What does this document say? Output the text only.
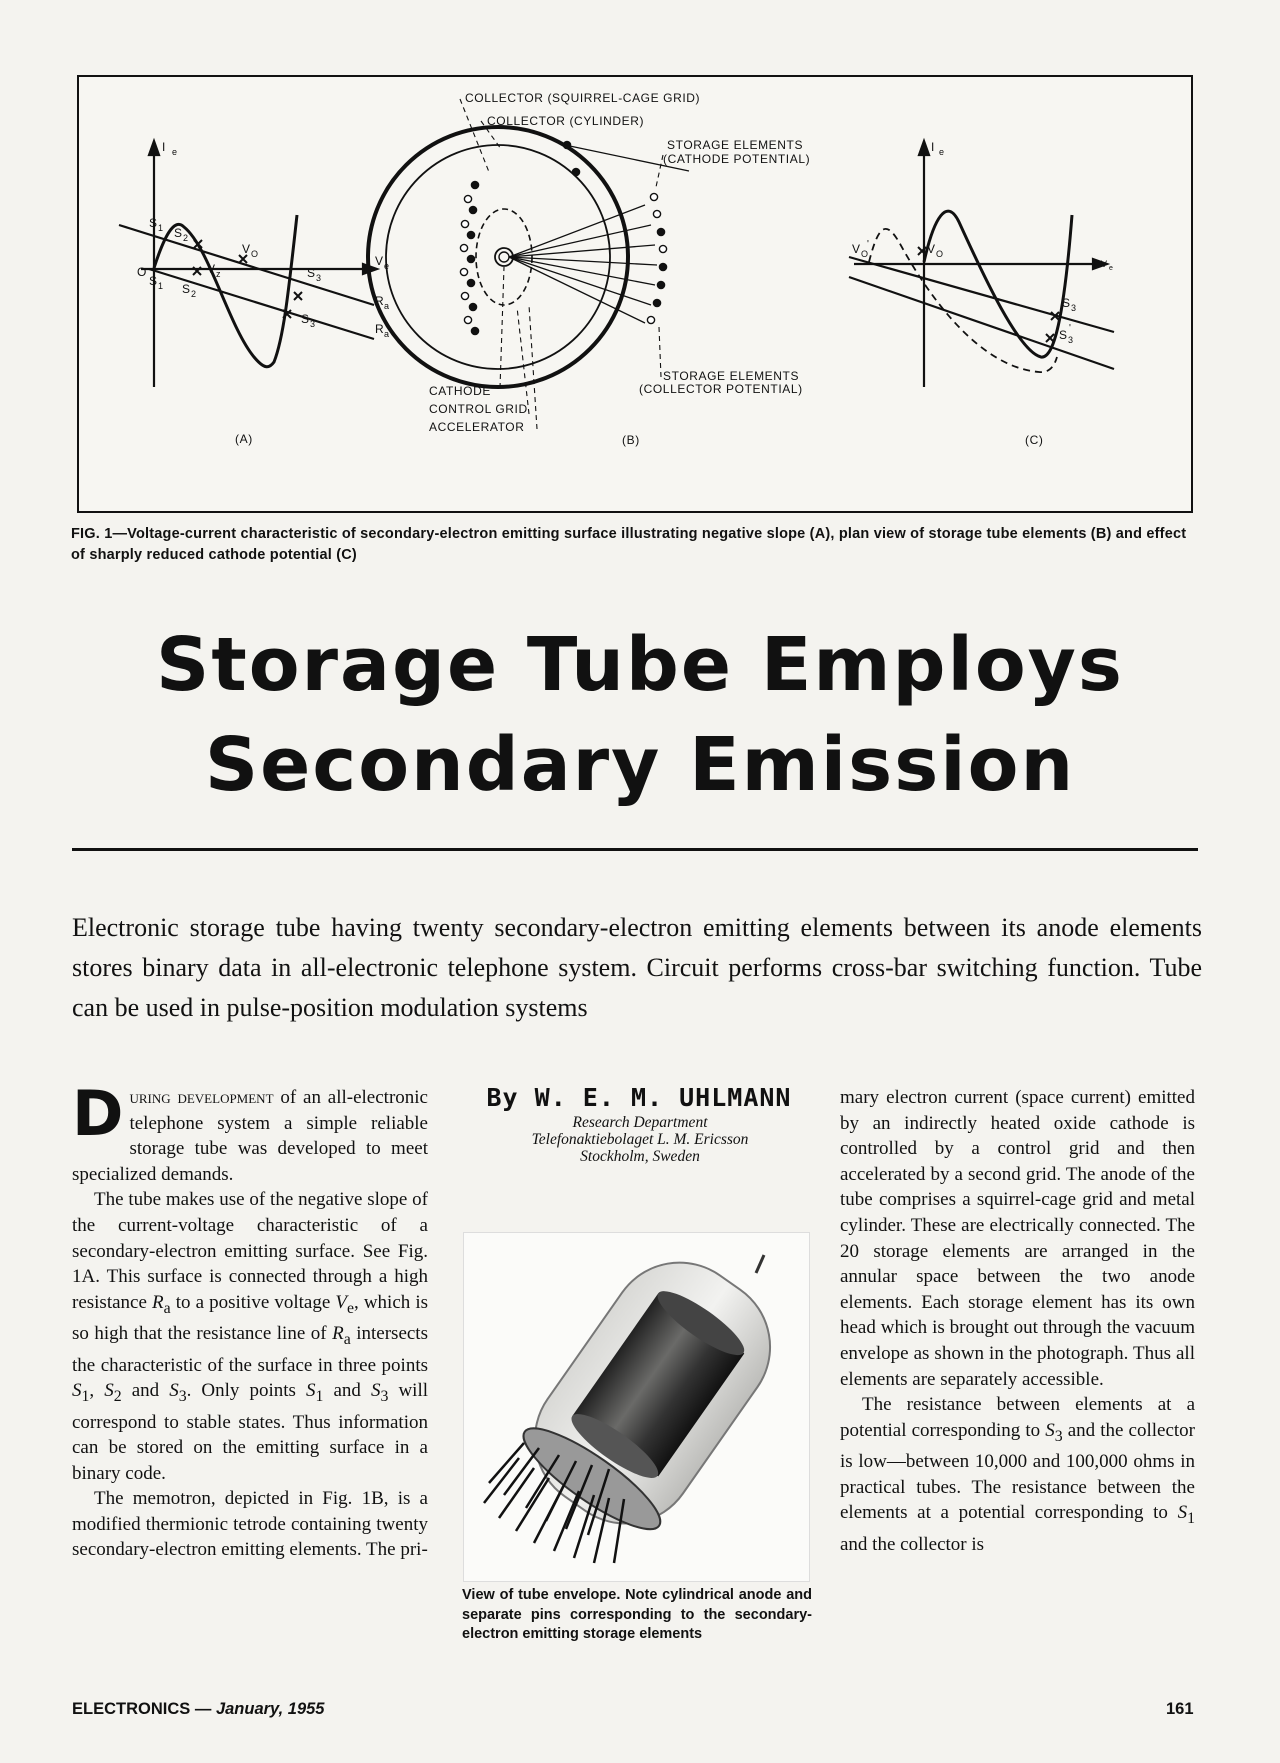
I e
O
S 1 S 2
S 1 S 2
V O
V z	S 3
S 3
V e
R a
R a
(A)
COLLECTOR (SQUIRREL-CAGE GRID)
COLLECTOR (CYLINDER)
STORAGE ELEMENTS
(CATHODE POTENTIAL)
STORAGE ELEMENTS
(COLLECTOR POTENTIAL)
CATHODE
CONTROL GRID
ACCELERATOR
(B)
I e
V O
'	V O
V e
S 3
S 3
'
(C)
FIG. 1—Voltage-current characteristic of secondary-electron emitting surface illustrating negative slope (A), plan view of storage tube elements (B) and effect of sharply reduced cathode potential (C)
Storage Tube Employs
Secondary Emission
Electronic storage tube having twenty secondary-electron emitting elements between its anode elements stores binary data in all-electronic telephone system. Circuit performs cross-bar switching function. Tube can be used in pulse-position modulation systems

During development of an all-electronic telephone system a simple reliable storage tube was developed to meet specialized demands.

The tube makes use of the negative slope of the current-voltage characteristic of a secondary-electron emitting surface. See Fig. 1A. This surface is connected through a high resistance $R_a$ to a positive voltage $V_e$, which is so high that the resistance line of $R_a$ intersects the characteristic of the surface in three points $S_1$, $S_2$ and $S_3$. Only points $S_1$ and $S_3$ will correspond to stable states. Thus information can be stored on the emitting surface in a binary code.

The memotron, depicted in Fig. 1B, is a modified thermionic tetrode containing twenty secondary-electron emitting elements. The pri-

By W. E. M. UHLMANN
Research Department
Telefonaktiebolaget L. M. Ericsson
Stockholm, Sweden
View of tube envelope. Note cylindrical anode and separate pins corresponding to the secondary-electron emitting storage elements

mary electron current (space current) emitted by an indirectly heated oxide cathode is controlled by a control grid and then accelerated by a second grid. The anode of the tube comprises a squirrel-cage grid and metal cylinder. These are electrically connected. The 20 storage elements are arranged in the annular space between the two anode elements. Each storage element has its own head which is brought out through the vacuum envelope as shown in the photograph. Thus all elements are separately accessible.

The resistance between elements at a potential corresponding to $S_3$ and the collector is low—between 10,000 and 100,000 ohms in practical tubes. The resistance between the elements at a potential corresponding to $S_1$ and the collector is

ELECTRONICS — January, 1955	161
